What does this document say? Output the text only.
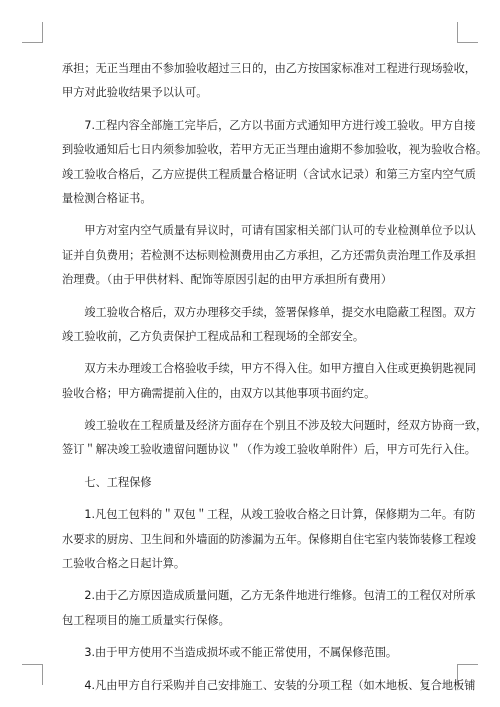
承担；无正当理由不参加验收超过三日的，由乙方按国家标准对工程进行现场验收，
甲方对此验收结果予以认可。
　　7.工程内容全部施工完毕后，乙方以书面方式通知甲方进行竣工验收。甲方自接
到验收通知后七日内须参加验收，若甲方无正当理由逾期不参加验收，视为验收合格。
竣工验收合格后，乙方应提供工程质量合格证明（含试水记录）和第三方室内空气质
量检测合格证书。
　　甲方对室内空气质量有异议时，可请有国家相关部门认可的专业检测单位予以认
证并自负费用；若检测不达标则检测费用由乙方承担，乙方还需负责治理工作及承担
治理费。（由于甲供材料、配饰等原因引起的由甲方承担所有费用）
　　竣工验收合格后，双方办理移交手续，签署保修单，提交水电隐蔽工程图。双方
竣工验收前，乙方负责保护工程成品和工程现场的全部安全。
　　双方未办理竣工合格验收手续，甲方不得入住。如甲方擅自入住或更换钥匙视同
验收合格；甲方确需提前入住的，由双方以其他事项书面约定。
　　竣工验收在工程质量及经济方面存在个别且不涉及较大问题时，经双方协商一致，
签订＂解决竣工验收遗留问题协议＂（作为竣工验收单附件）后，甲方可先行入住。
　　七、工程保修
　　1.凡包工包料的＂双包＂工程，从竣工验收合格之日计算，保修期为二年。有防
水要求的厨房、卫生间和外墙面的防渗漏为五年。保修期自住宅室内装饰装修工程竣
工验收合格之日起计算。
　　2.由于乙方原因造成质量问题，乙方无条件地进行维修。包清工的工程仅对所承
包工程项目的施工质量实行保修。
　　3.由于甲方使用不当造成损坏或不能正常使用，不属保修范围。
　　4.凡由甲方自行采购并自己安排施工、安装的分项工程（如木地板、复合地板铺
